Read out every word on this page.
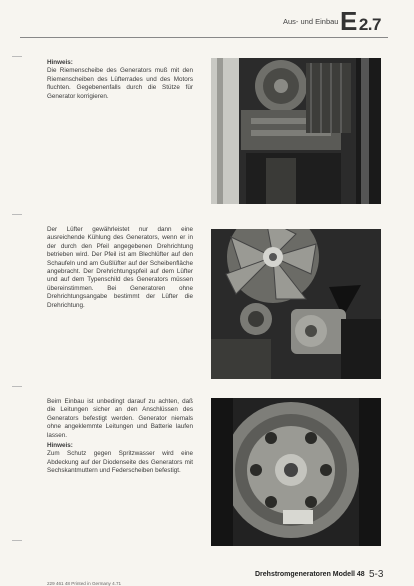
Aus- und Einbau E 2.7
Hinweis:
Die Riemenscheibe des Generators muß mit den Riemenscheiben des Lüfterrades und des Motors fluchten. Gegebenenfalls durch die Stütze für Generator korrigieren.
Der Lüfter gewährleistet nur dann eine ausreichende Kühlung des Generators, wenn er in der durch den Pfeil angegebenen Drehrichtung betrieben wird. Der Pfeil ist am Blechlüfter auf den Schaufeln und am Gußlüfter auf der Scheibenfläche angebracht. Der Drehrichtungspfeil auf dem Lüfter und auf dem Typenschild des Generators müssen übereinstimmen. Bei Generatoren ohne Drehrichtungsangabe bestimmt der Lüfter die Drehrichtung.
Beim Einbau ist unbedingt darauf zu achten, daß die Leitungen sicher an den Anschlüssen des Generators befestigt werden. Generator niemals ohne angeklemmte Leitungen und Batterie laufen lassen.
Hinweis:
Zum Schutz gegen Spritzwasser wird eine Abdeckung auf der Diodenseite des Generators mit Sechskantmuttern und Federscheiben befestigt.
Drehstromgeneratoren Modell 48 5-3
229 461 48 Printed in Germany 4.71
